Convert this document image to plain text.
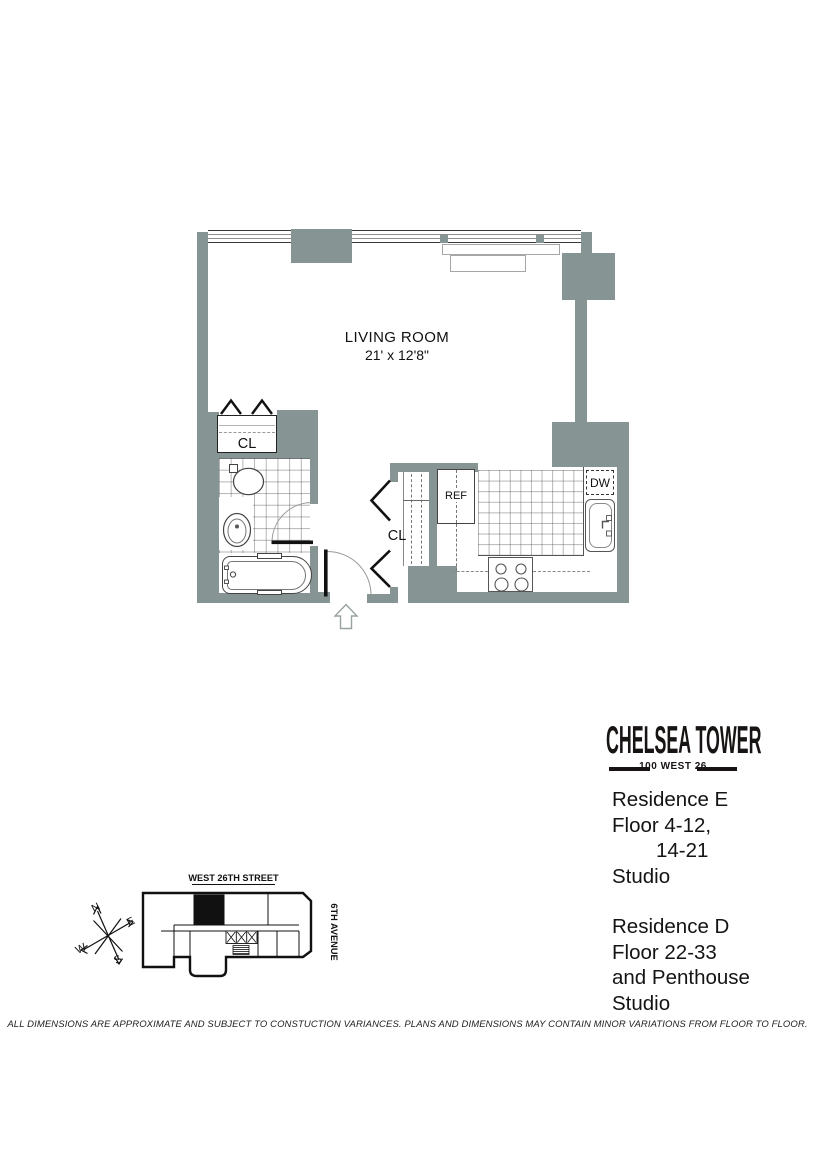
LIVING ROOM
21' x 12'8"
CL
CL
REF
DW
CHELSEA TOWER
100 WEST 26
Residence E
Floor 4-12,
14-21
Studio
Residence D
Floor 22-33
and Penthouse
Studio
WEST 26TH STREET
6TH AVENUE
N
E
W
S
ALL DIMENSIONS ARE APPROXIMATE AND SUBJECT TO CONSTUCTION VARIANCES. PLANS AND DIMENSIONS MAY CONTAIN MINOR VARIATIONS FROM FLOOR TO FLOOR.
